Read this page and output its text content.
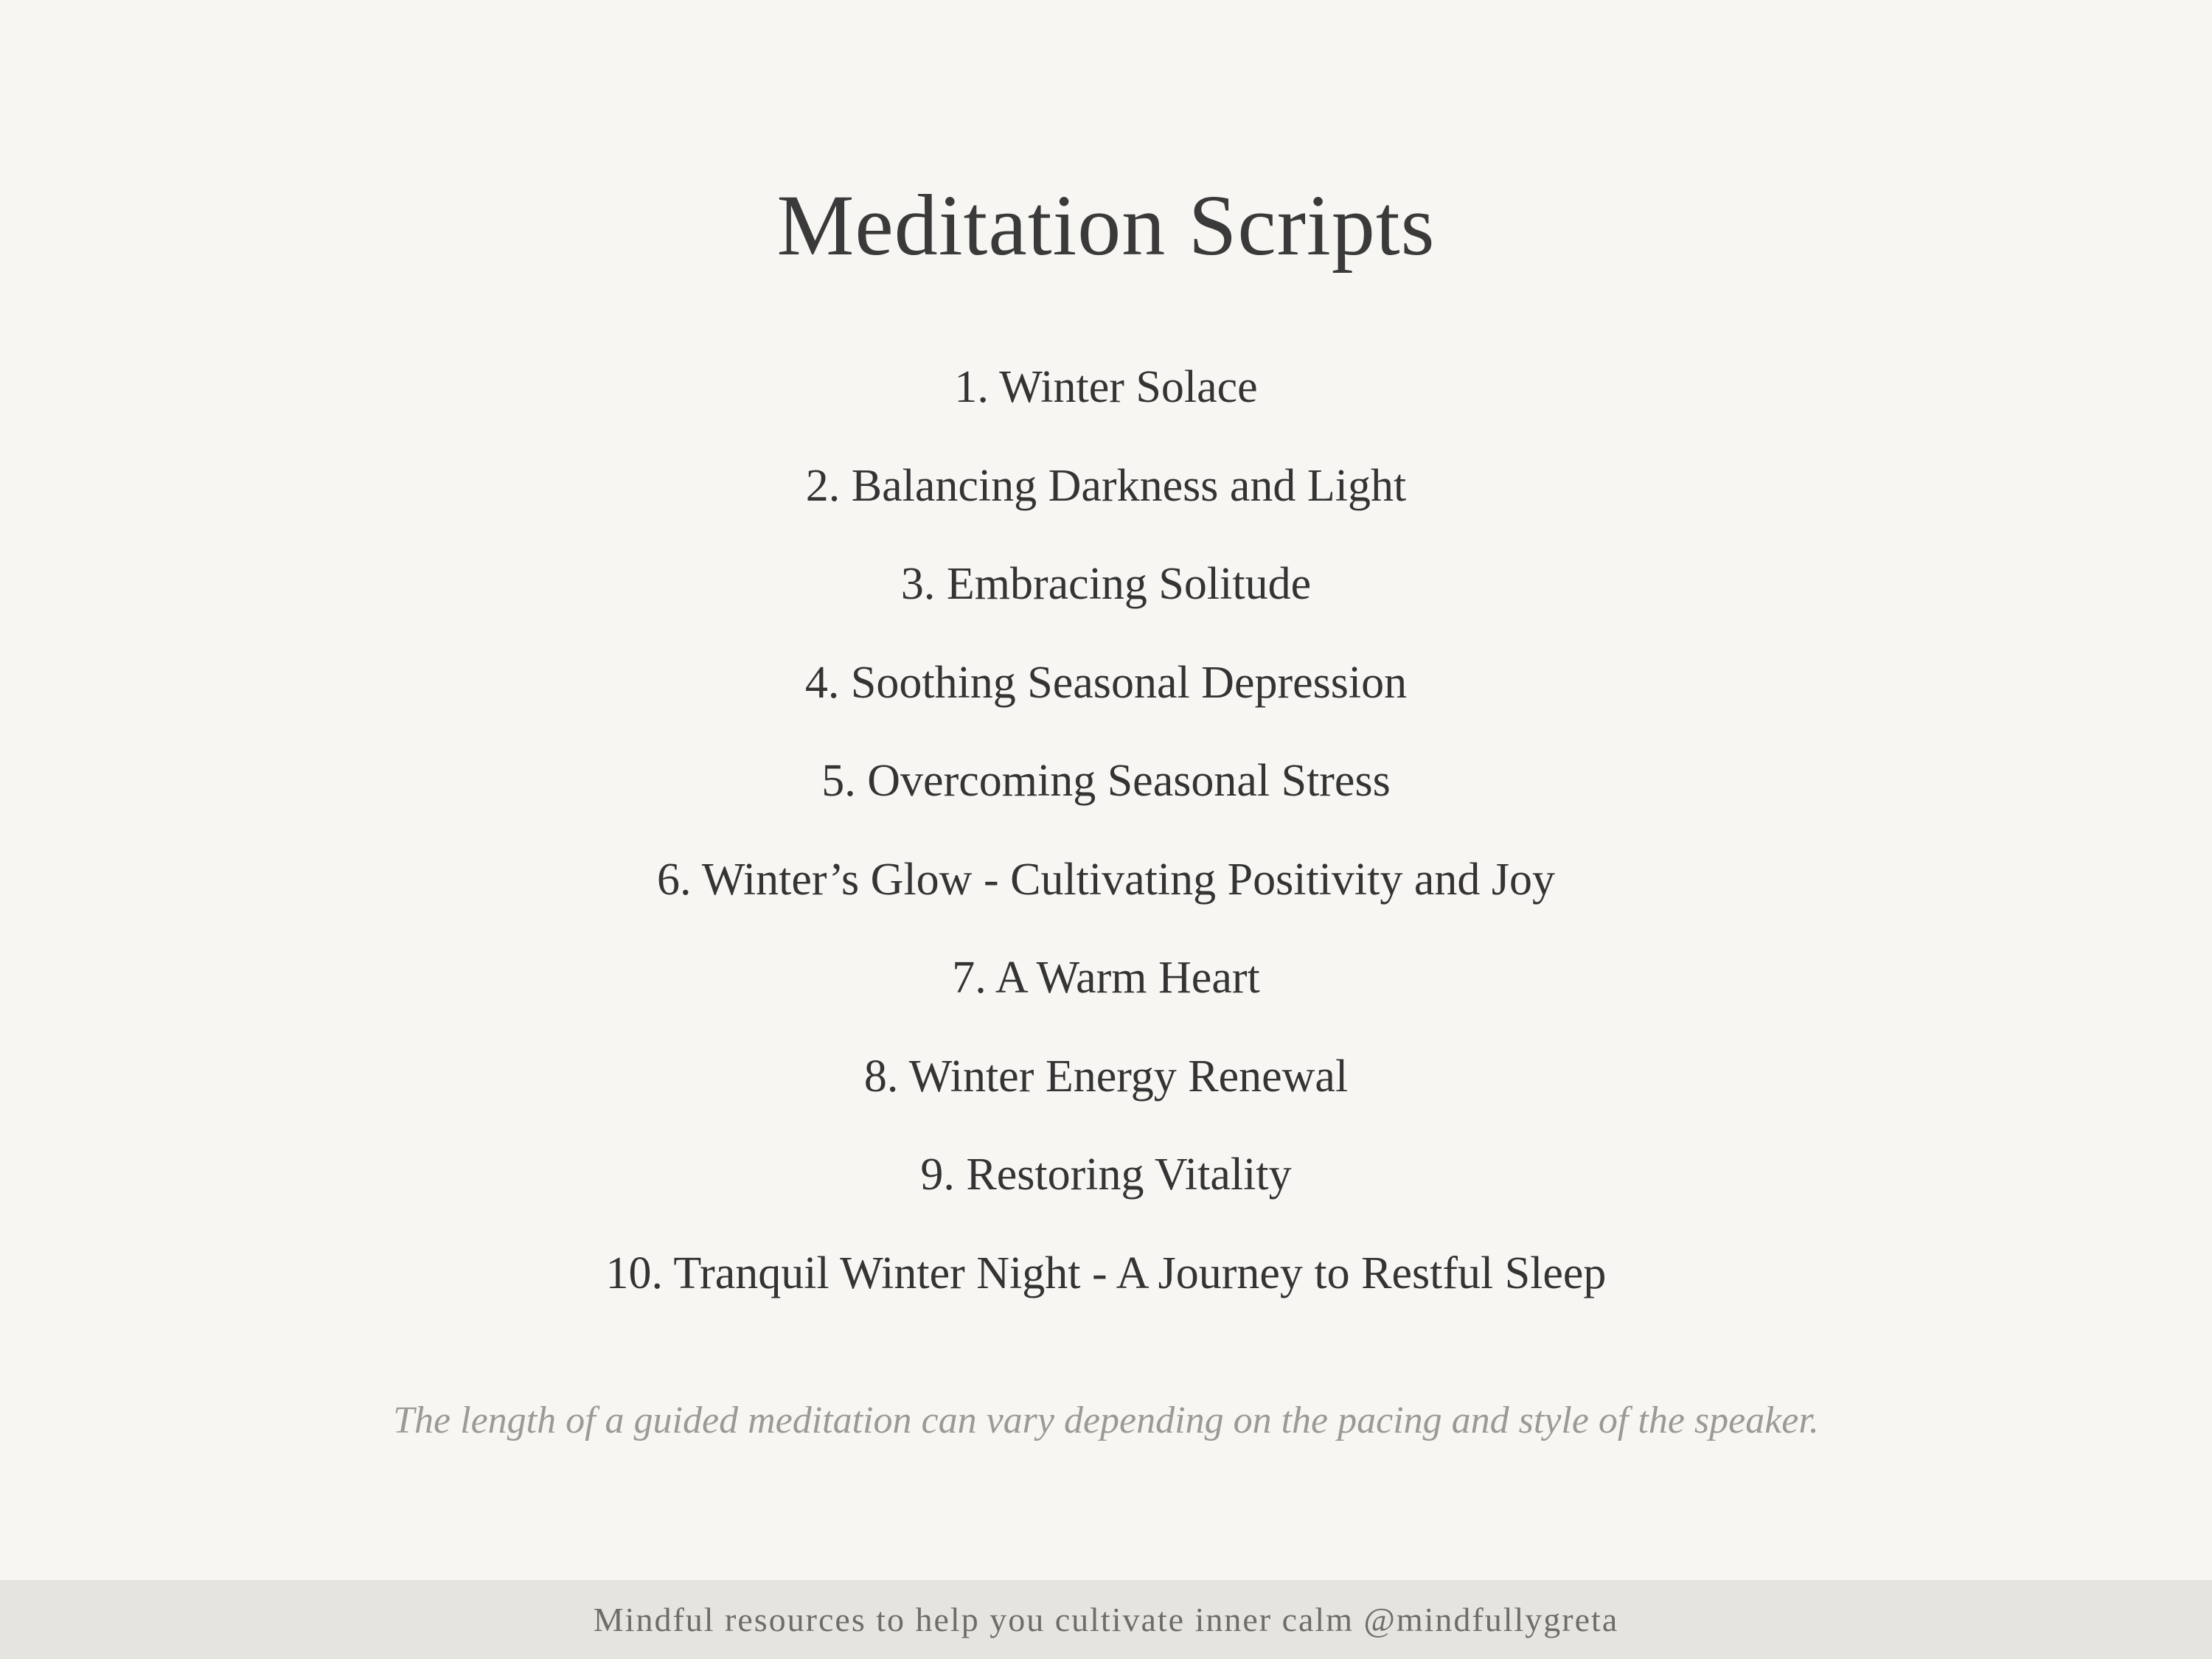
Meditation Scripts
1. Winter Solace
2. Balancing Darkness and Light
3. Embracing Solitude
4. Soothing Seasonal Depression
5. Overcoming Seasonal Stress
6. Winter’s Glow - Cultivating Positivity and Joy
7. A Warm Heart
8. Winter Energy Renewal
9. Restoring Vitality
10. Tranquil Winter Night - A Journey to Restful Sleep

The length of a guided meditation can vary depending on the pacing and style of the speaker.

Mindful resources to help you cultivate inner calm @mindfullygreta
